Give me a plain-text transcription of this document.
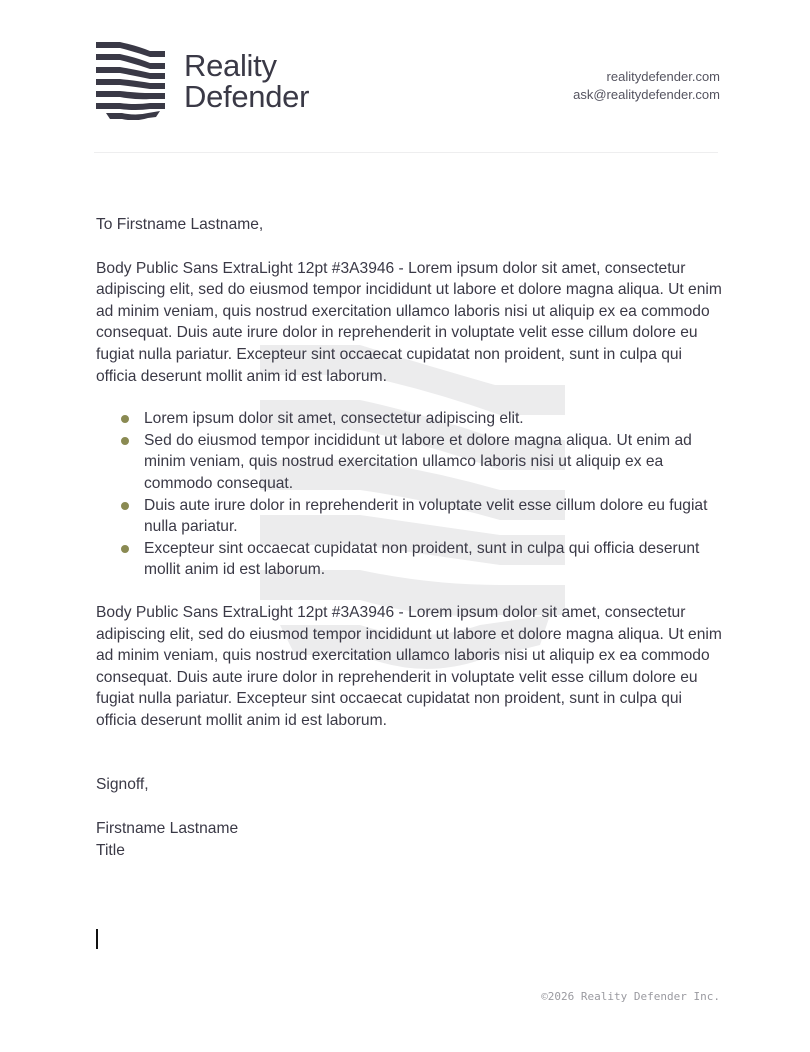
Reality
Defender
realitydefender.com
ask@realitydefender.com

To Firstname Lastname,

Body Public Sans ExtraLight 12pt #3A3946 - Lorem ipsum dolor sit amet, consectetur adipiscing elit, sed do eiusmod tempor incididunt ut labore et dolore magna aliqua. Ut enim ad minim veniam, quis nostrud exercitation ullamco laboris nisi ut aliquip ex ea commodo consequat. Duis aute irure dolor in reprehenderit in voluptate velit esse cillum dolore eu fugiat nulla pariatur. Excepteur sint occaecat cupidatat non proident, sunt in culpa qui officia deserunt mollit anim id est laborum.

Lorem ipsum dolor sit amet, consectetur adipiscing elit.
Sed do eiusmod tempor incididunt ut labore et dolore magna aliqua. Ut enim ad minim veniam, quis nostrud exercitation ullamco laboris nisi ut aliquip ex ea commodo consequat.
Duis aute irure dolor in reprehenderit in voluptate velit esse cillum dolore eu fugiat nulla pariatur.
Excepteur sint occaecat cupidatat non proident, sunt in culpa qui officia deserunt mollit anim id est laborum.

Body Public Sans ExtraLight 12pt #3A3946 - Lorem ipsum dolor sit amet, consectetur adipiscing elit, sed do eiusmod tempor incididunt ut labore et dolore magna aliqua. Ut enim ad minim veniam, quis nostrud exercitation ullamco laboris nisi ut aliquip ex ea commodo consequat. Duis aute irure dolor in reprehenderit in voluptate velit esse cillum dolore eu fugiat nulla pariatur. Excepteur sint occaecat cupidatat non proident, sunt in culpa qui officia deserunt mollit anim id est laborum.

Signoff,

Firstname Lastname

Title

©2026 Reality Defender Inc.
